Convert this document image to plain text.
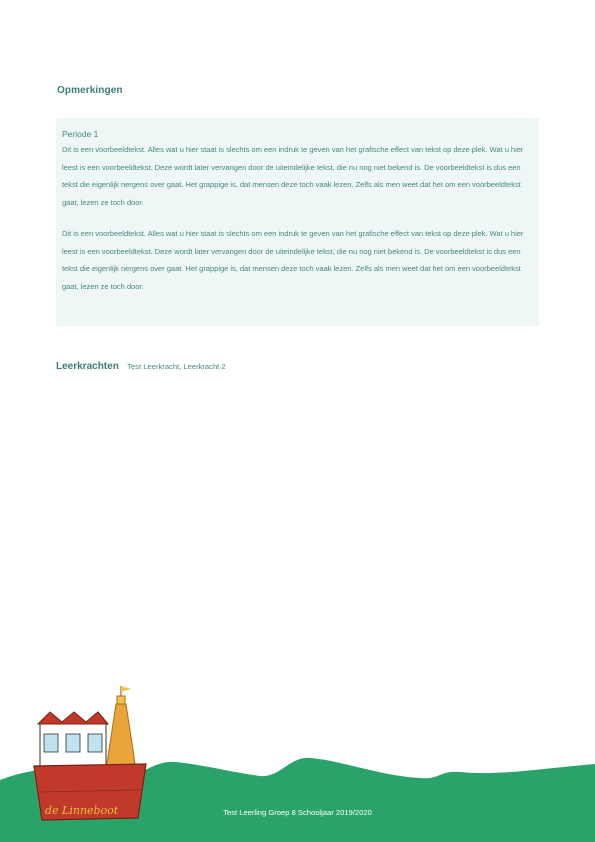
Opmerkingen
Periode 1

Dit is een voorbeeldtekst. Alles wat u hier staat is slechts om een indruk te geven van het grafische effect van tekst op deze plek. Wat u hier leest is een voorbeeldtekst. Deze wordt later vervangen door de uiteindelijke tekst, die nu nog niet bekend is. De voorbeeldtekst is dus een tekst die eigenlijk nergens over gaat. Het grappige is, dat mensen deze toch vaak lezen. Zelfs als men weet dat het om een voorbeeldtekst gaat, lezen ze toch door.

Dit is een voorbeeldtekst. Alles wat u hier staat is slechts om een indruk te geven van het grafische effect van tekst op deze plek. Wat u hier leest is een voorbeeldtekst. Deze wordt later vervangen door de uiteindelijke tekst, die nu nog niet bekend is. De voorbeeldtekst is dus een tekst die eigenlijk nergens over gaat. Het grappige is, dat mensen deze toch vaak lezen. Zelfs als men weet dat het om een voorbeeldtekst gaat, lezen ze toch door.

Leerkrachten Test Leerkracht, Leerkracht 2
de Linneboot	Test Leerling Groep 8 Schooljaar 2019/2020
